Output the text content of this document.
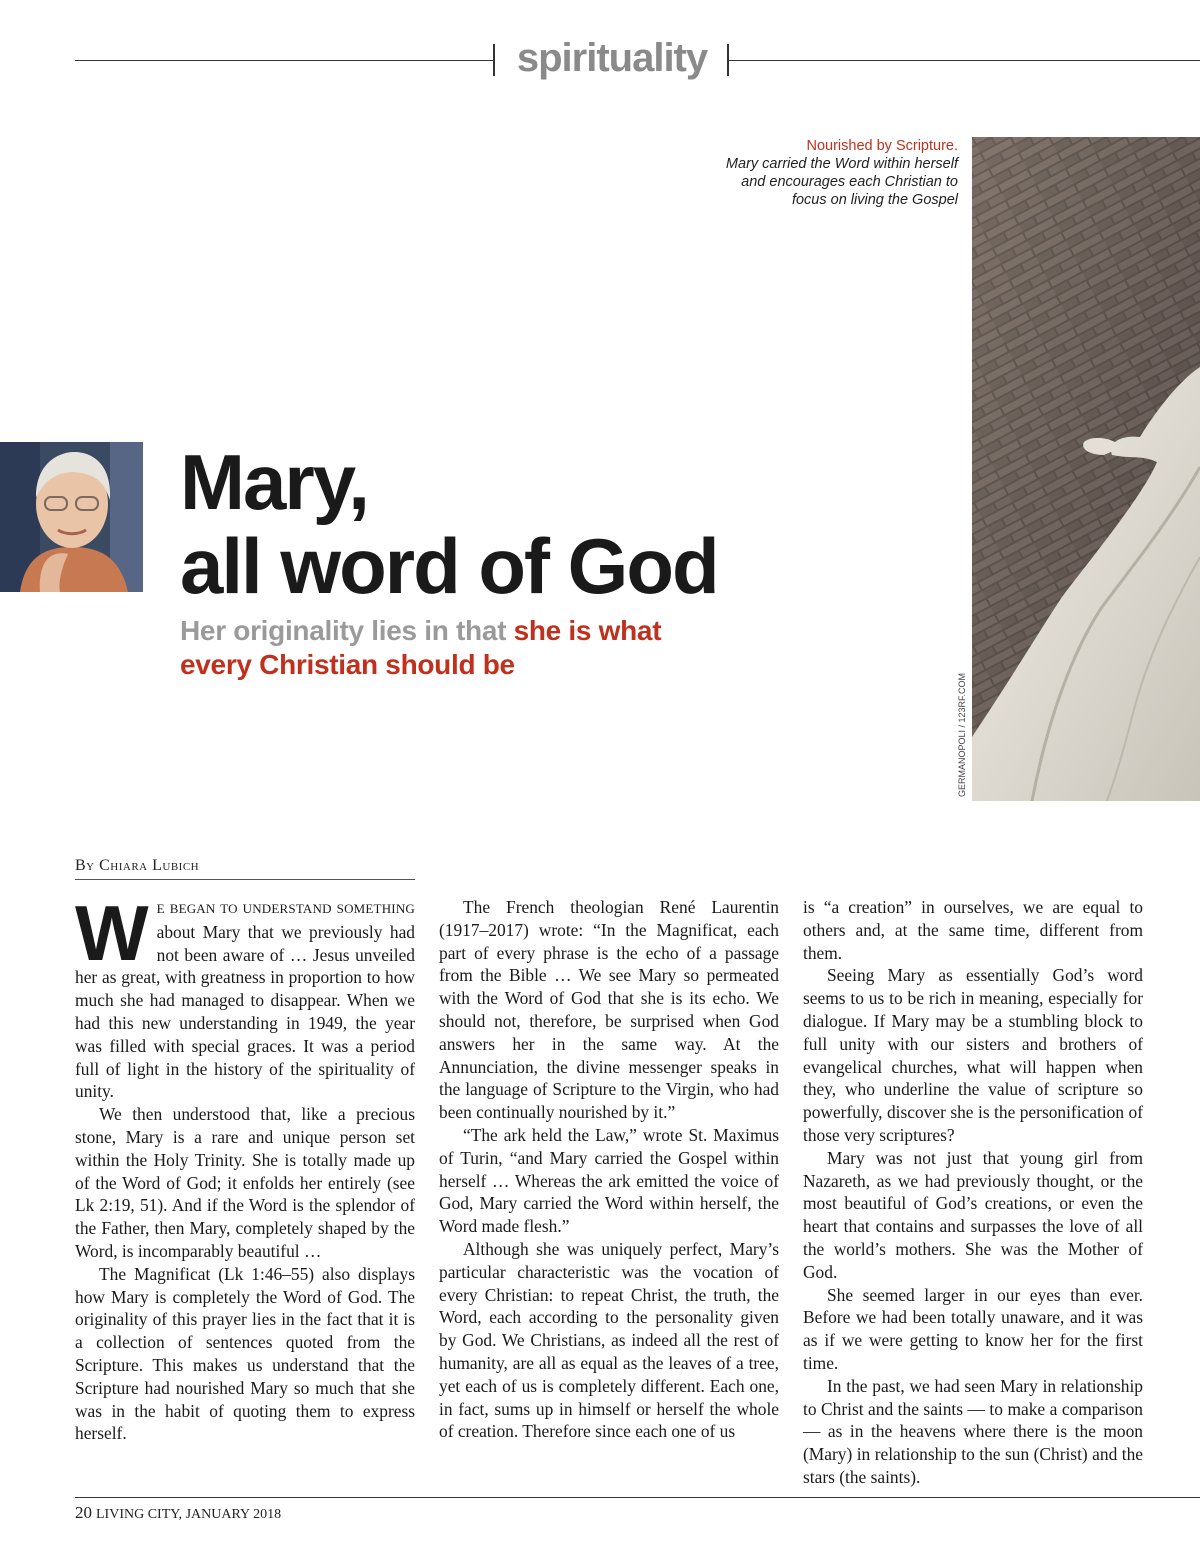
spirituality
GERMANOPOLI / 123RF.COM
Nourished by Scripture.
Mary carried the Word within herself and encourages each Christian to focus on living the Gospel
Mary,
all word of God
Her originality lies in that she is what every Christian should be
By Chiara Lubich

WE BEGAN TO UNDERSTAND SOMETHING about Mary that we previously had not been aware of … Jesus unveiled her as great, with greatness in proportion to how much she had managed to disappear. When we had this new understanding in 1949, the year was filled with special graces. It was a period full of light in the history of the spirituality of unity.

We then understood that, like a precious stone, Mary is a rare and unique person set within the Holy Trinity. She is totally made up of the Word of God; it enfolds her entirely (see Lk 2:19, 51). And if the Word is the splendor of the Father, then Mary, completely shaped by the Word, is incomparably beautiful …

The Magnificat (Lk 1:46–55) also displays how Mary is completely the Word of God. The originality of this prayer lies in the fact that it is a collection of sentences quoted from the Scripture. This makes us understand that the Scripture had nourished Mary so much that she was in the habit of quoting them to express herself.

The French theologian René Laurentin (1917–2017) wrote: “In the Magnificat, each part of every phrase is the echo of a passage from the Bible … We see Mary so permeated with the Word of God that she is its echo. We should not, therefore, be surprised when God answers her in the same way. At the Annunciation, the divine messenger speaks in the language of Scripture to the Virgin, who had been continually nourished by it.”

“The ark held the Law,” wrote St. Maximus of Turin, “and Mary carried the Gospel within herself … Whereas the ark emitted the voice of God, Mary carried the Word within herself, the Word made flesh.”

Although she was uniquely perfect, Mary’s particular characteristic was the vocation of every Christian: to repeat Christ, the truth, the Word, each according to the personality given by God. We Christians, as indeed all the rest of humanity, are all as equal as the leaves of a tree, yet each of us is completely different. Each one, in fact, sums up in himself or herself the whole of creation. Therefore since each one of us

is “a creation” in ourselves, we are equal to others and, at the same time, different from them.

Seeing Mary as essentially God’s word seems to us to be rich in meaning, especially for dialogue. If Mary may be a stumbling block to full unity with our sisters and brothers of evangelical churches, what will happen when they, who underline the value of scripture so powerfully, discover she is the personification of those very scriptures?

Mary was not just that young girl from Nazareth, as we had previously thought, or the most beautiful of God’s creations, or even the heart that contains and surpasses the love of all the world’s mothers. She was the Mother of God.

She seemed larger in our eyes than ever. Before we had been totally unaware, and it was as if we were getting to know her for the first time.

In the past, we had seen Mary in relationship to Christ and the saints — to make a comparison — as in the heavens where there is the moon (Mary) in relationship to the sun (Christ) and the stars (the saints).

20 LIVING CITY, JANUARY 2018
